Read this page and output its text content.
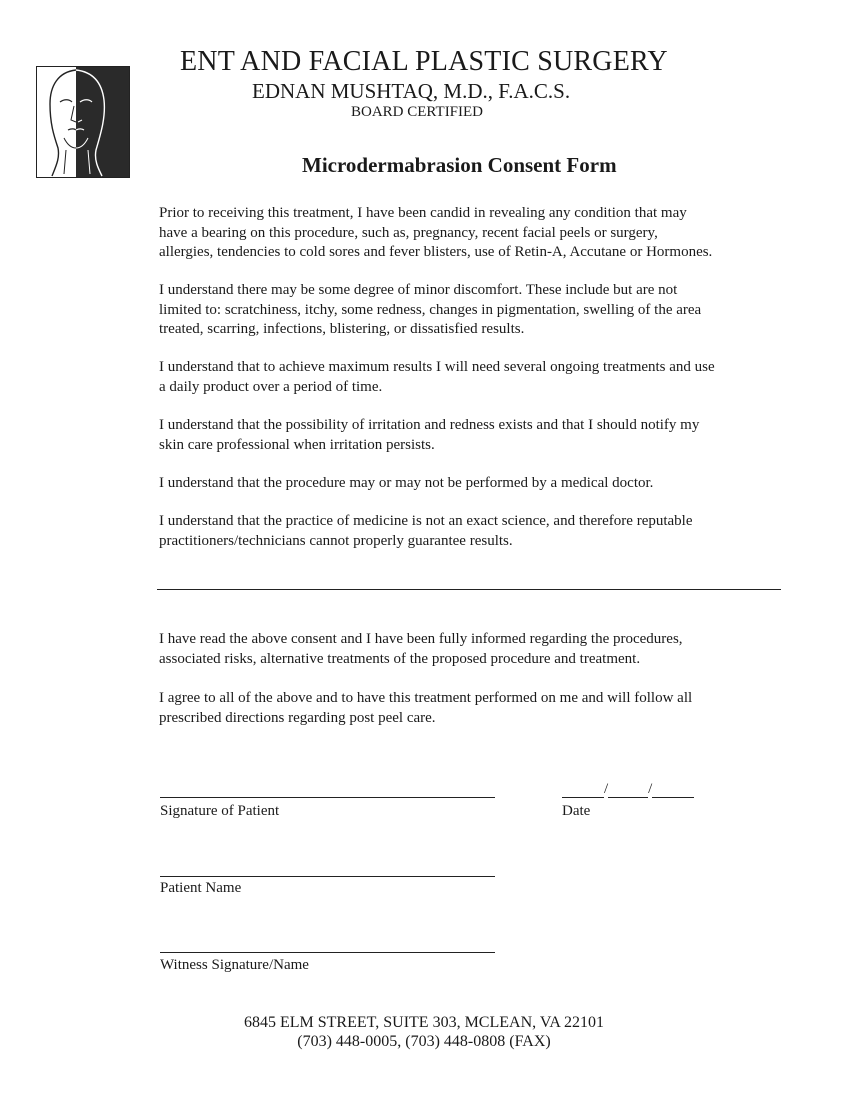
ENT AND FACIAL PLASTIC SURGERY
EDNAN MUSHTAQ, M.D., F.A.C.S.
BOARD CERTIFIED
Microdermabrasion Consent Form

Prior to receiving this treatment, I have been candid in revealing any condition that may
have a bearing on this procedure, such as, pregnancy, recent facial peels or surgery,
allergies, tendencies to cold sores and fever blisters, use of Retin-A, Accutane or Hormones.

I understand there may be some degree of minor discomfort. These include but are not
limited to: scratchiness, itchy, some redness, changes in pigmentation, swelling of the area
treated, scarring, infections, blistering, or dissatisfied results.

I understand that to achieve maximum results I will need several ongoing treatments and use
a daily product over a period of time.

I understand that the possibility of irritation and redness exists and that I should notify my
skin care professional when irritation persists.

I understand that the procedure may or may not be performed by a medical doctor.

I understand that the practice of medicine is not an exact science, and therefore reputable
practitioners/technicians cannot properly guarantee results.

I have read the above consent and I have been fully informed regarding the procedures,
associated risks, alternative treatments of the proposed procedure and treatment.

I agree to all of the above and to have this treatment performed on me and will follow all
prescribed directions regarding post peel care.

Signature of Patient
/	/
Date
Patient Name
Witness Signature/Name
6845 ELM STREET, SUITE 303, MCLEAN, VA 22101
(703) 448-0005, (703) 448-0808 (FAX)
